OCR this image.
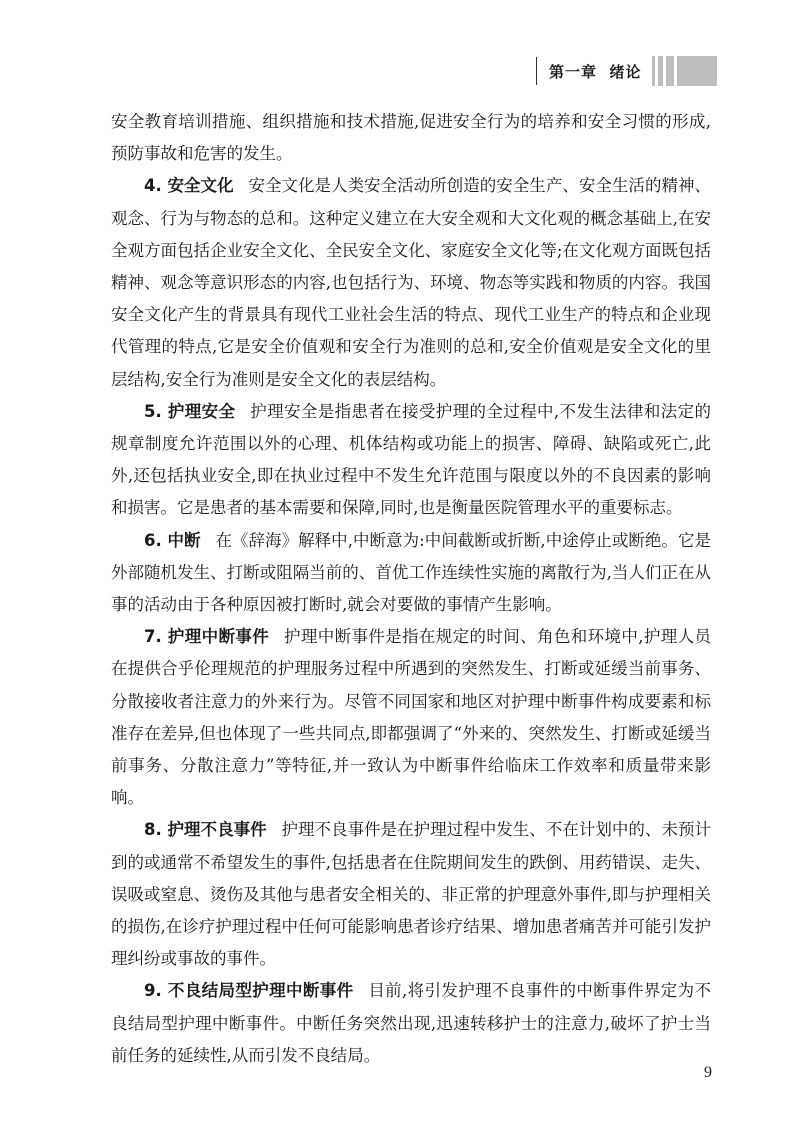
第一章  绪论

安全教育培训措施、组织措施和技术措施,促进安全行为的培养和安全习惯的形成,预防事故和危害的发生。

4. 安全文化 安全文化是人类安全活动所创造的安全生产、安全生活的精神、观念、行为与物态的总和。这种定义建立在大安全观和大文化观的概念基础上,在安全观方面包括企业安全文化、全民安全文化、家庭安全文化等;在文化观方面既包括精神、观念等意识形态的内容,也包括行为、环境、物态等实践和物质的内容。我国安全文化产生的背景具有现代工业社会生活的特点、现代工业生产的特点和企业现代管理的特点,它是安全价值观和安全行为准则的总和,安全价值观是安全文化的里层结构,安全行为准则是安全文化的表层结构。

5. 护理安全 护理安全是指患者在接受护理的全过程中,不发生法律和法定的规章制度允许范围以外的心理、机体结构或功能上的损害、障碍、缺陷或死亡,此外,还包括执业安全,即在执业过程中不发生允许范围与限度以外的不良因素的影响和损害。它是患者的基本需要和保障,同时,也是衡量医院管理水平的重要标志。

6. 中断 在《辞海》解释中,中断意为:中间截断或折断,中途停止或断绝。它是外部随机发生、打断或阻隔当前的、首优工作连续性实施的离散行为,当人们正在从事的活动由于各种原因被打断时,就会对要做的事情产生影响。

7. 护理中断事件 护理中断事件是指在规定的时间、角色和环境中,护理人员在提供合乎伦理规范的护理服务过程中所遇到的突然发生、打断或延缓当前事务、分散接收者注意力的外来行为。尽管不同国家和地区对护理中断事件构成要素和标准存在差异,但也体现了一些共同点,即都强调了“外来的、突然发生、打断或延缓当前事务、分散注意力”等特征,并一致认为中断事件给临床工作效率和质量带来影响。

8. 护理不良事件 护理不良事件是在护理过程中发生、不在计划中的、未预计到的或通常不希望发生的事件,包括患者在住院期间发生的跌倒、用药错误、走失、误吸或窒息、烫伤及其他与患者安全相关的、非正常的护理意外事件,即与护理相关的损伤,在诊疗护理过程中任何可能影响患者诊疗结果、增加患者痛苦并可能引发护理纠纷或事故的事件。

9. 不良结局型护理中断事件 目前,将引发护理不良事件的中断事件界定为不良结局型护理中断事件。中断任务突然出现,迅速转移护士的注意力,破坏了护士当前任务的延续性,从而引发不良结局。

9
